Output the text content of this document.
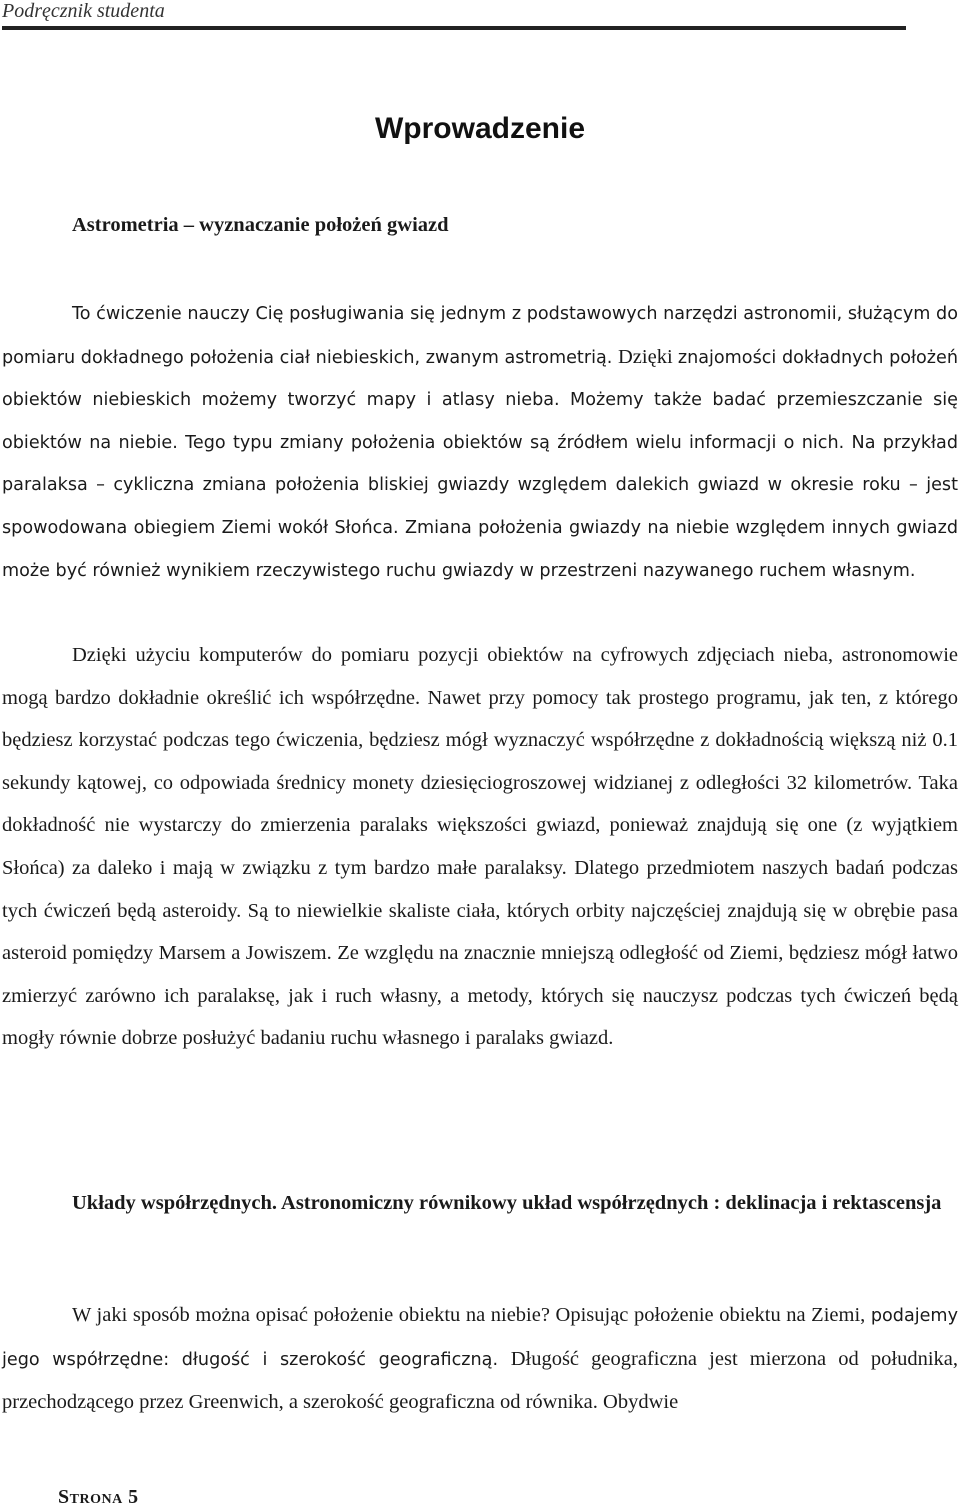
Podręcznik studenta
Wprowadzenie
Astrometria – wyznaczanie położeń gwiazd

To ćwiczenie nauczy Cię posługiwania się jednym z podstawowych narzędzi astronomii, służącym do pomiaru dokładnego położenia ciał niebieskich, zwanym astrometrią. Dzięki znajomości dokładnych położeń obiektów niebieskich możemy tworzyć mapy i atlasy nieba. Możemy także badać przemieszczanie się obiektów na niebie. Tego typu zmiany położenia obiektów są źródłem wielu informacji o nich. Na przykład paralaksa – cykliczna zmiana położenia bliskiej gwiazdy względem dalekich gwiazd w okresie roku – jest spowodowana obiegiem Ziemi wokół Słońca. Zmiana położenia gwiazdy na niebie względem innych gwiazd może być również wynikiem rzeczywistego ruchu gwiazdy w przestrzeni nazywanego ruchem własnym.

Dzięki użyciu komputerów do pomiaru pozycji obiektów na cyfrowych zdjęciach nieba, astronomowie mogą bardzo dokładnie określić ich współrzędne. Nawet przy pomocy tak prostego programu, jak ten, z którego będziesz korzystać podczas tego ćwiczenia, będziesz mógł wyznaczyć współrzędne z dokładnością większą niż 0.1 sekundy kątowej, co odpowiada średnicy monety dziesięciogroszowej widzianej z odległości 32 kilometrów. Taka dokładność nie wystarczy do zmierzenia paralaks większości gwiazd, ponieważ znajdują się one (z wyjątkiem Słońca) za daleko i mają w związku z tym bardzo małe paralaksy. Dlatego przedmiotem naszych badań podczas tych ćwiczeń będą asteroidy. Są to niewielkie skaliste ciała, których orbity najczęściej znajdują się w obrębie pasa asteroid pomiędzy Marsem a Jowiszem. Ze względu na znacznie mniejszą odległość od Ziemi, będziesz mógł łatwo zmierzyć zarówno ich paralaksę, jak i ruch własny, a metody, których się nauczysz podczas tych ćwiczeń będą mogły równie dobrze posłużyć badaniu ruchu własnego i paralaks gwiazd.

Układy współrzędnych. Astronomiczny równikowy układ współrzędnych : deklinacja i rektascensja

W jaki sposób można opisać położenie obiektu na niebie? Opisując położenie obiektu na Ziemi, podajemy jego współrzędne: długość i szerokość geograficzną. Długość geograficzna jest mierzona od południka, przechodzącego przez Greenwich, a szerokość geograficzna od równika. Obydwie

Strona 5
